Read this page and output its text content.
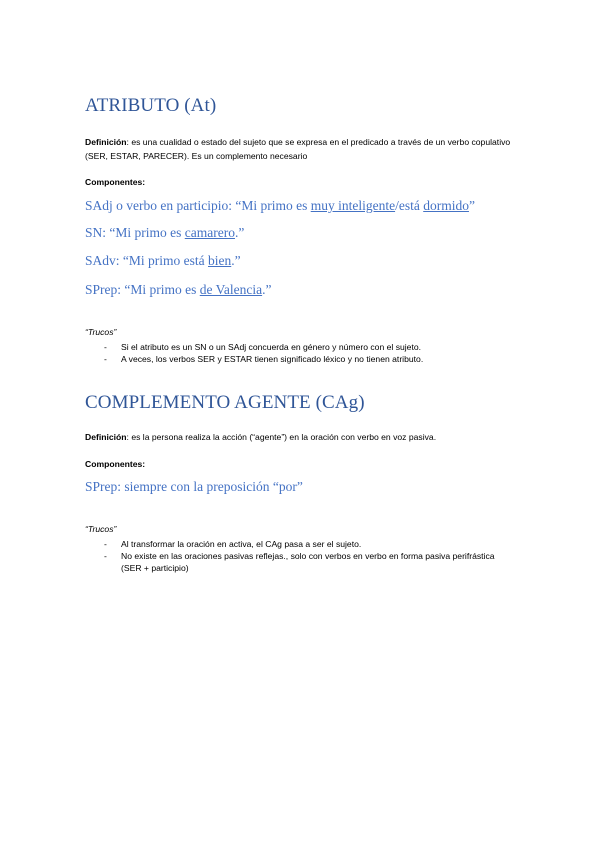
ATRIBUTO (At)

Definición: es una cualidad o estado del sujeto que se expresa en el predicado a través de un verbo copulativo (SER, ESTAR, PARECER). Es un complemento necesario

Componentes:

SAdj o verbo en participio: “Mi primo es muy inteligente/está dormido”

SN: “Mi primo es camarero.”

SAdv: “Mi primo está bien.”

SPrep: “Mi primo es de Valencia.”

“Trucos”

- Si el atributo es un SN o un SAdj concuerda en género y número con el sujeto.
- A veces, los verbos SER y ESTAR tienen significado léxico y no tienen atributo.
COMPLEMENTO AGENTE (CAg)

Definición: es la persona realiza la acción (“agente”) en la oración con verbo en voz pasiva.

Componentes:

SPrep: siempre con la preposición “por”

“Trucos”

- Al transformar la oración en activa, el CAg pasa a ser el sujeto.
- No existe en las oraciones pasivas reflejas., solo con verbos en verbo en forma pasiva perifrástica (SER + participio)
